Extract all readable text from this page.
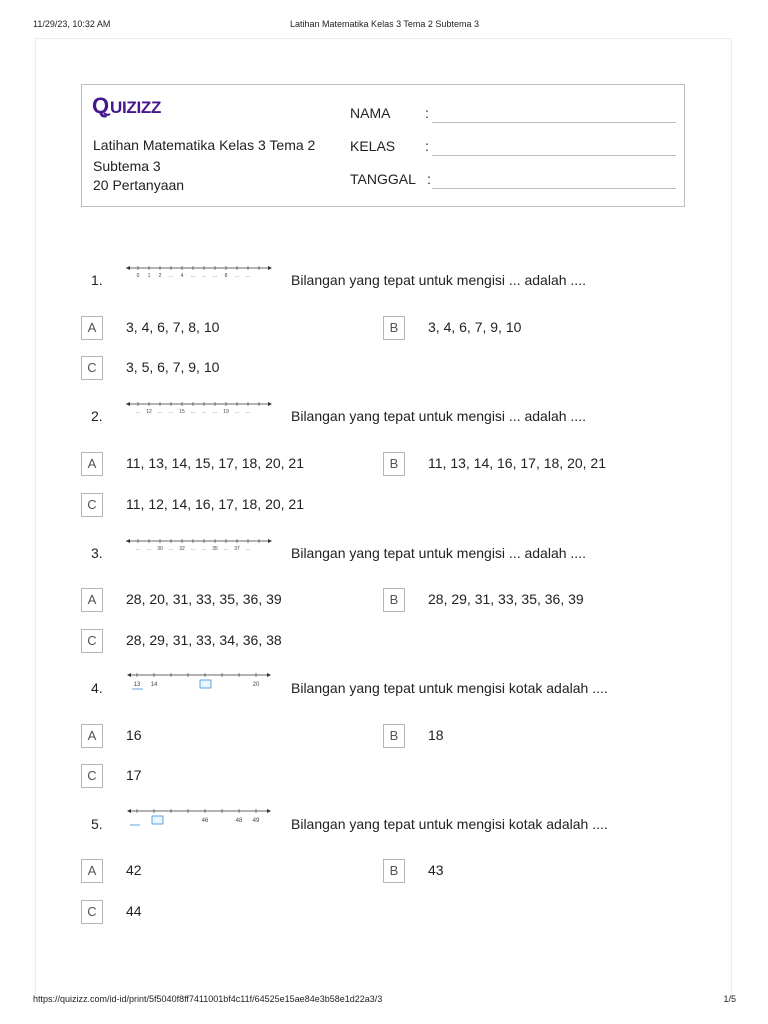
11/29/23, 10:32 AM	Latihan Matematika Kelas 3 Tema 2 Subtema 3
Q UIZIZZ
Latihan Matematika Kelas 3 Tema 2
Subtema 3
20 Pertanyaan
NAMA :
KELAS :
TANGGAL :
1.	0 1 2 ... 4 ... ... ... 8 ... ...	Bilangan yang tepat untuk mengisi ... adalah ....
A	3, 4, 6, 7, 8, 10	B	3, 4, 6, 7, 9, 10
C	3, 5, 6, 7, 9, 10
2.	... 12 ... ... 15 ... ... ... 19 ... ...	Bilangan yang tepat untuk mengisi ... adalah ....
A	11, 13, 14, 15, 17, 18, 20, 21	B	11, 13, 14, 16, 17, 18, 20, 21
C	11, 12, 14, 16, 17, 18, 20, 21
3.	... ... 30 ... 32 ... ... 35 ... 37 ...	Bilangan yang tepat untuk mengisi ... adalah ....
A	28, 20, 31, 33, 35, 36, 39	B	28, 29, 31, 33, 35, 36, 39
C	28, 29, 31, 33, 34, 36, 38
4.	13 14	20 Bilangan yang tepat untuk mengisi kotak adalah ....
A	16	B	18
C	17
5.	46	48 49 Bilangan yang tepat untuk mengisi kotak adalah ....
A	42	B	43
C	44
https://quizizz.com/id-id/print/5f5040f8ff7411001bf4c11f/64525e15ae84e3b58e1d22a3/3	1/5
